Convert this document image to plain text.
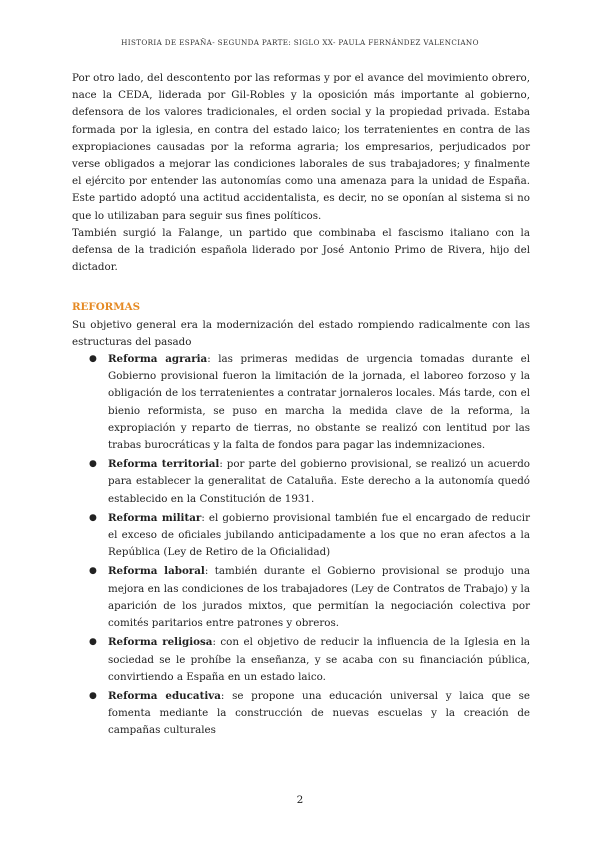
HISTORIA DE ESPAÑA- SEGUNDA PARTE: SIGLO XX- PAULA FERNÁNDEZ VALENCIANO

Por otro lado, del descontento por las reformas y por el avance del movimiento obrero, nace la CEDA, liderada por Gil-Robles y la oposición más importante al gobierno, defensora de los valores tradicionales, el orden social y la propiedad privada. Estaba formada por la iglesia, en contra del estado laico; los terratenientes en contra de las expropiaciones causadas por la reforma agraria; los empresarios, perjudicados por verse obligados a mejorar las condiciones laborales de sus trabajadores; y finalmente el ejército por entender las autonomías como una amenaza para la unidad de España. Este partido adoptó una actitud accidentalista, es decir, no se oponían al sistema si no que lo utilizaban para seguir sus fines políticos.

También surgió la Falange, un partido que combinaba el fascismo italiano con la defensa de la tradición española liderado por José Antonio Primo de Rivera, hijo del dictador.

REFORMAS

Su objetivo general era la modernización del estado rompiendo radicalmente con las estructuras del pasado

● Reforma agraria: las primeras medidas de urgencia tomadas durante el Gobierno provisional fueron la limitación de la jornada, el laboreo forzoso y la obligación de los terratenientes a contratar jornaleros locales. Más tarde, con el bienio reformista, se puso en marcha la medida clave de la reforma, la expropiación y reparto de tierras, no obstante se realizó con lentitud por las trabas burocráticas y la falta de fondos para pagar las indemnizaciones.
● Reforma territorial: por parte del gobierno provisional, se realizó un acuerdo para establecer la generalitat de Cataluña. Este derecho a la autonomía quedó establecido en la Constitución de 1931.
● Reforma militar: el gobierno provisional también fue el encargado de reducir el exceso de oficiales jubilando anticipadamente a los que no eran afectos a la República (Ley de Retiro de la Oficialidad)
● Reforma laboral: también durante el Gobierno provisional se produjo una mejora en las condiciones de los trabajadores (Ley de Contratos de Trabajo) y la aparición de los jurados mixtos, que permitían la negociación colectiva por comités paritarios entre patrones y obreros.
● Reforma religiosa: con el objetivo de reducir la influencia de la Iglesia en la sociedad se le prohíbe la enseñanza, y se acaba con su financiación pública, convirtiendo a España en un estado laico.
● Reforma educativa: se propone una educación universal y laica que se fomenta mediante la construcción de nuevas escuelas y la creación de campañas culturales
2
